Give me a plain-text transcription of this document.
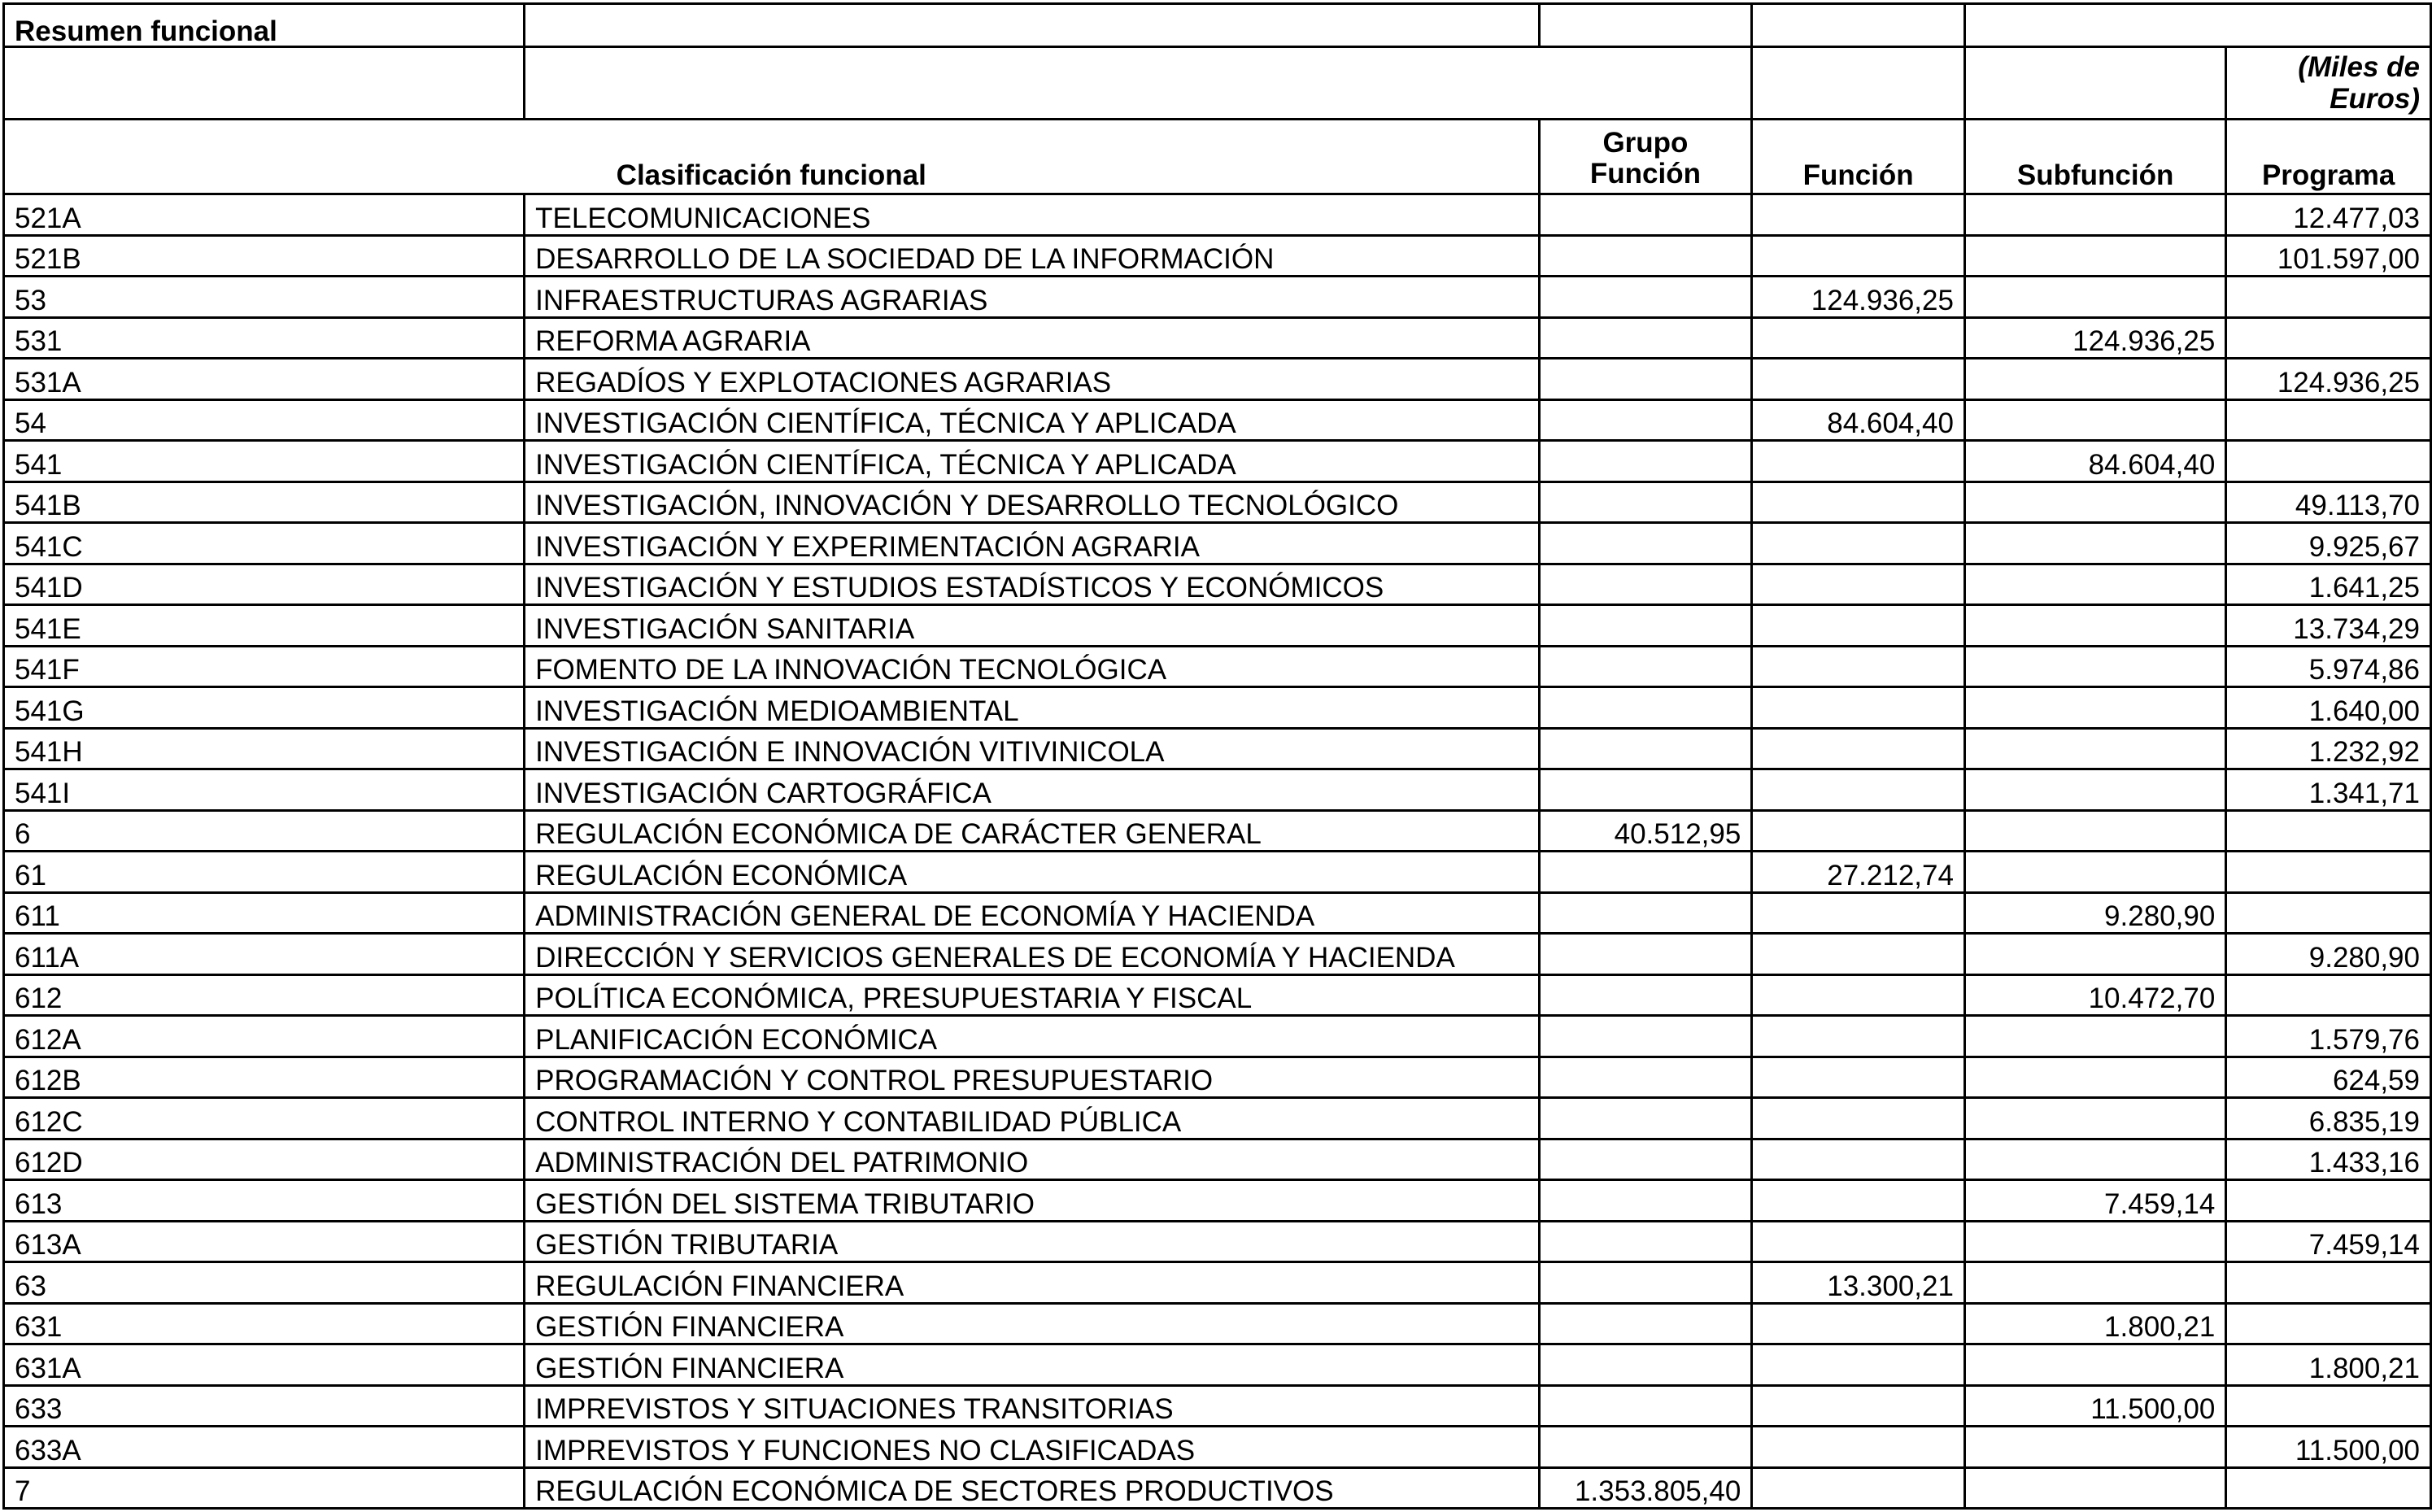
Resumen funcional					
					(Miles de Euros)
Clasificación funcional		Grupo Función	Función	Subfunción	Programa
521A	TELECOMUNICACIONES				12.477,03
521B	DESARROLLO DE LA SOCIEDAD DE LA INFORMACIÓN				101.597,00
53	INFRAESTRUCTURAS AGRARIAS		124.936,25		
531	REFORMA AGRARIA			124.936,25	
531A	REGADÍOS Y EXPLOTACIONES AGRARIAS				124.936,25
54	INVESTIGACIÓN CIENTÍFICA, TÉCNICA Y APLICADA		84.604,40		
541	INVESTIGACIÓN CIENTÍFICA, TÉCNICA Y APLICADA			84.604,40	
541B	INVESTIGACIÓN, INNOVACIÓN Y DESARROLLO TECNOLÓGICO				49.113,70
541C	INVESTIGACIÓN Y EXPERIMENTACIÓN AGRARIA				9.925,67
541D	INVESTIGACIÓN Y ESTUDIOS ESTADÍSTICOS Y ECONÓMICOS				1.641,25
541E	INVESTIGACIÓN SANITARIA				13.734,29
541F	FOMENTO DE LA INNOVACIÓN TECNOLÓGICA				5.974,86
541G	INVESTIGACIÓN MEDIOAMBIENTAL				1.640,00
541H	INVESTIGACIÓN E INNOVACIÓN VITIVINICOLA				1.232,92
541I	INVESTIGACIÓN CARTOGRÁFICA				1.341,71
6	REGULACIÓN ECONÓMICA DE CARÁCTER GENERAL	40.512,95			
61	REGULACIÓN ECONÓMICA		27.212,74		
611	ADMINISTRACIÓN GENERAL DE ECONOMÍA Y HACIENDA			9.280,90	
611A	DIRECCIÓN Y SERVICIOS GENERALES DE ECONOMÍA Y HACIENDA				9.280,90
612	POLÍTICA ECONÓMICA, PRESUPUESTARIA Y FISCAL			10.472,70	
612A	PLANIFICACIÓN ECONÓMICA				1.579,76
612B	PROGRAMACIÓN Y CONTROL PRESUPUESTARIO				624,59
612C	CONTROL INTERNO Y CONTABILIDAD PÚBLICA				6.835,19
612D	ADMINISTRACIÓN DEL PATRIMONIO				1.433,16
613	GESTIÓN DEL SISTEMA TRIBUTARIO			7.459,14	
613A	GESTIÓN TRIBUTARIA				7.459,14
63	REGULACIÓN FINANCIERA		13.300,21		
631	GESTIÓN FINANCIERA			1.800,21	
631A	GESTIÓN FINANCIERA				1.800,21
633	IMPREVISTOS Y SITUACIONES TRANSITORIAS			11.500,00	
633A	IMPREVISTOS Y FUNCIONES NO CLASIFICADAS				11.500,00
7	REGULACIÓN ECONÓMICA DE SECTORES PRODUCTIVOS	1.353.805,40			
